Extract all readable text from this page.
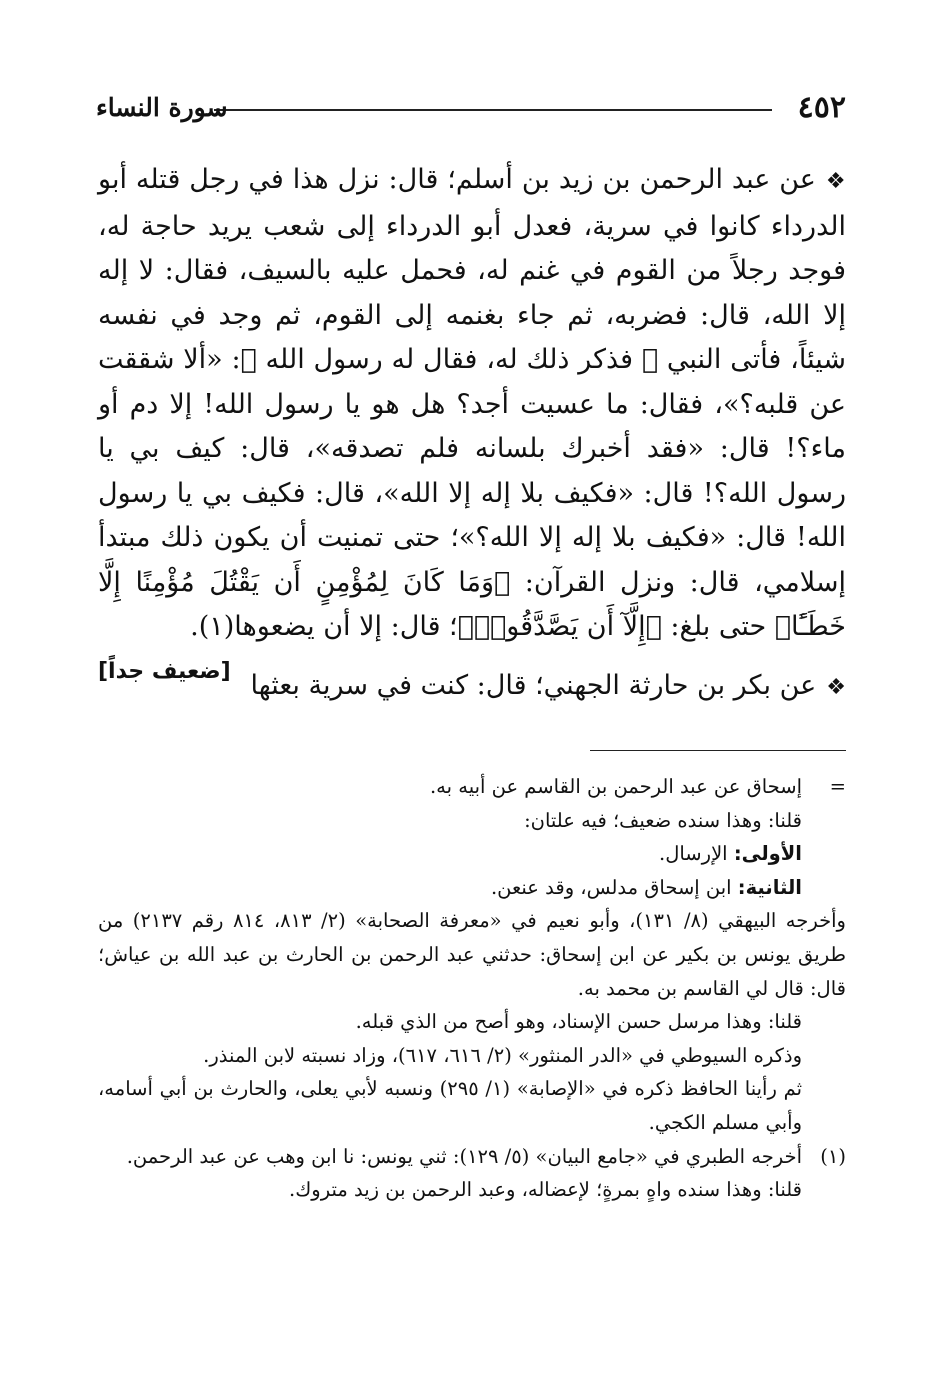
٤٥٢
سورة النساء

❖عن عبد الرحمن بن زيد بن أسلم؛ قال: نزل هذا في رجل قتله أبو الدرداء كانوا في سرية، فعدل أبو الدرداء إلى شعب يريد حاجة له، فوجد رجلاً من القوم في غنم له، فحمل عليه بالسيف، فقال: لا إله إلا الله، قال: فضربه، ثم جاء بغنمه إلى القوم، ثم وجد في نفسه شيئاً، فأتى النبي ﷺ فذكر ذلك له، فقال له رسول الله ﷺ: «ألا شققت عن قلبه؟»، فقال: ما عسيت أجد؟ هل هو يا رسول الله! إلا دم أو ماء؟! قال: «فقد أخبرك بلسانه فلم تصدقه»، قال: كيف بي يا رسول الله؟! قال: «فكيف بلا إله إلا الله»، قال: فكيف بي يا رسول الله! قال: «فكيف بلا إله إلا الله؟»؛ حتى تمنيت أن يكون ذلك مبتدأ إسلامي، قال: ونزل القرآن: ﴿وَمَا كَانَ لِمُؤْمِنٍ أَن يَقْتُلَ مُؤْمِنًا إِلَّا خَطَـًٔا﴾ حتى بلغ: ﴿إِلَّآ أَن يَصَّدَّقُوا۟﴾؛ قال: إلا أن يضعوها(١).
[ضعيف جداً]

❖عن بكر بن حارثة الجهني؛ قال: كنت في سرية بعثها

=

إسحاق عن عبد الرحمن بن القاسم عن أبيه به.

قلنا: وهذا سنده ضعيف؛ فيه علتان:

الأولى: الإرسال.

الثانية: ابن إسحاق مدلس، وقد عنعن.

وأخرجه البيهقي (٨/ ١٣١)، وأبو نعيم في «معرفة الصحابة» (٢/ ٨١٣، ٨١٤ رقم ٢١٣٧) من طريق يونس بن بكير عن ابن إسحاق: حدثني عبد الرحمن بن الحارث بن عبد الله بن عياش؛ قال: قال لي القاسم بن محمد به.

قلنا: وهذا مرسل حسن الإسناد، وهو أصح من الذي قبله.

وذكره السيوطي في «الدر المنثور» (٢/ ٦١٦، ٦١٧)، وزاد نسبته لابن المنذر.

ثم رأينا الحافظ ذكره في «الإصابة» (١/ ٢٩٥) ونسبه لأبي يعلى، والحارث بن أبي أسامه، وأبي مسلم الكجي.

(١)

أخرجه الطبري في «جامع البيان» (٥/ ١٢٩): ثني يونس: نا ابن وهب عن عبد الرحمن.

قلنا: وهذا سنده واهٍ بمرةٍ؛ لإعضاله، وعبد الرحمن بن زيد متروك.
